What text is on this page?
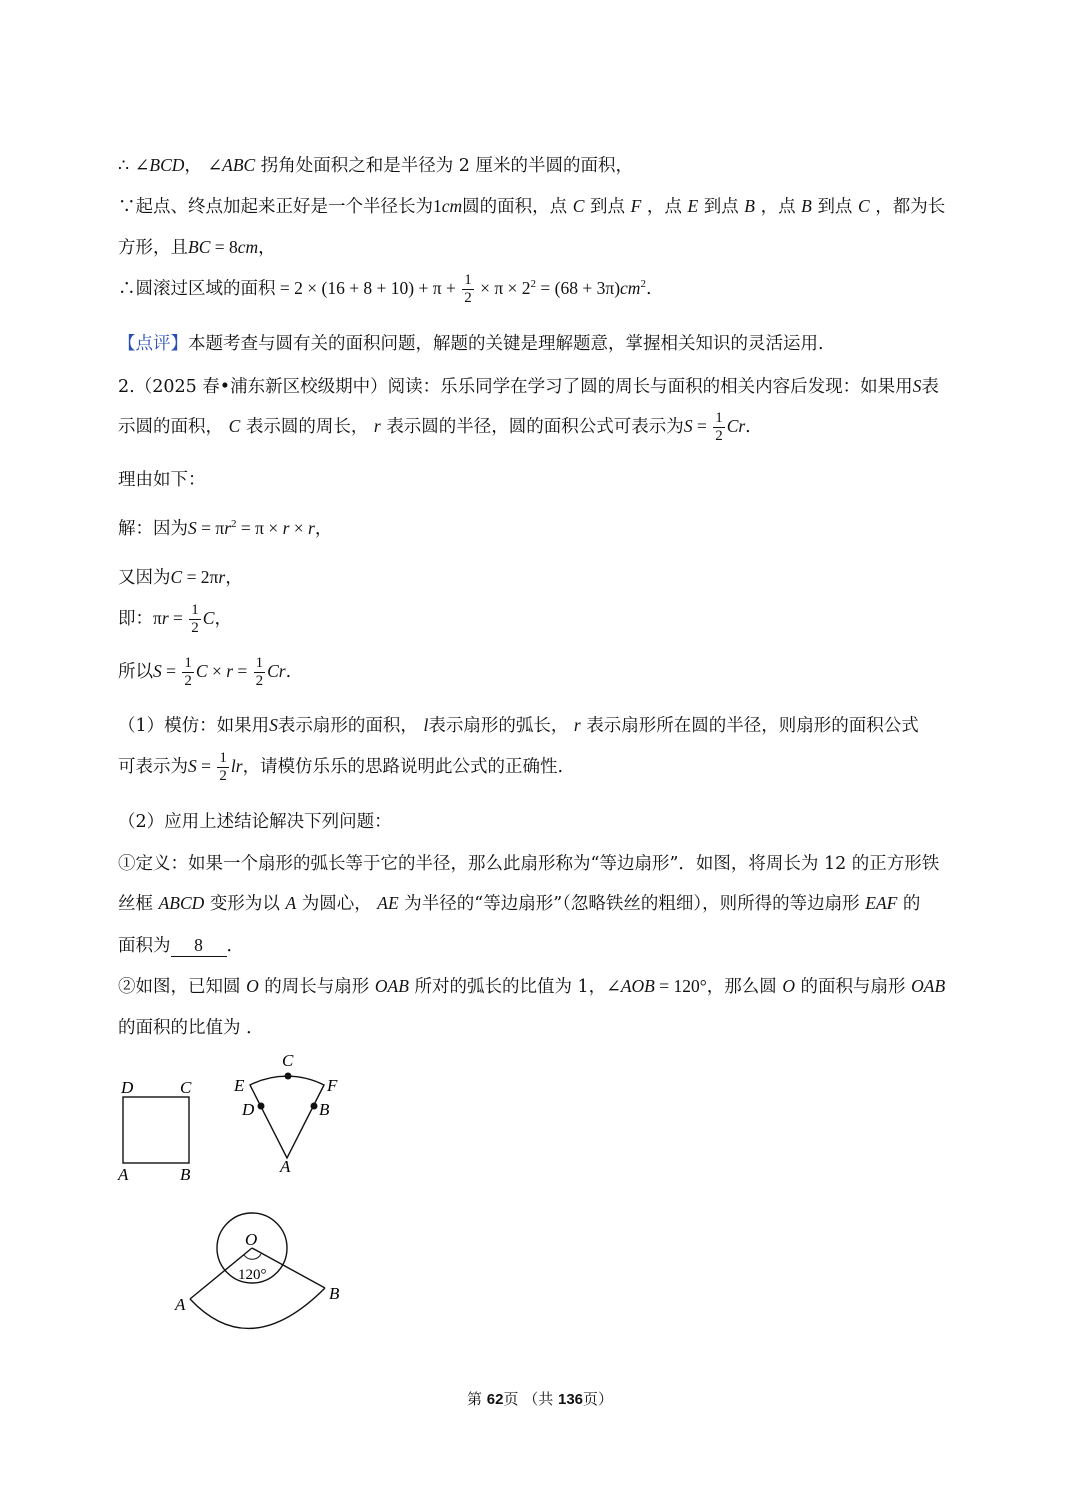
∴ ∠BCD， ∠ABC 拐角处面积之和是半径为 2 厘米的半圆的面积，
∵起点、终点加起来正好是一个半径长为1cm圆的面积，点 C 到点 F ，点 E 到点 B ，点 B 到点 C ，都为长
方形，且BC = 8cm，
∴圆滚过区域的面积 = $2 \times (16 + 8 + 10) + \pi + \frac{1}{2} \times \pi \times 2^2 = (68 + 3\pi)cm^2$.
【点评】本题考查与圆有关的面积问题，解题的关键是理解题意，掌握相关知识的灵活运用.
2.（2025 春•浦东新区校级期中）阅读：乐乐同学在学习了圆的周长与面积的相关内容后发现：如果用S表
示圆的面积， C 表示圆的周长， r 表示圆的半径，圆的面积公式可表示为$S = \frac{1}{2} Cr$.
理由如下：
解：因为$S = \pi r^2 = \pi \times r \times r$，
又因为C = 2πr，
即：$\pi r = \frac{1}{2}$ C，
所以$S = \frac{1}{2}$ $C \times r = \frac{1}{2} Cr$.
（1）模仿：如果用S表示扇形的面积， l表示扇形的弧长， r 表示扇形所在圆的半径，则扇形的面积公式
可表示为$S = \frac{1}{2}$ lr，请模仿乐乐的思路说明此公式的正确性.
（2）应用上述结论解决下列问题：
①定义：如果一个扇形的弧长等于它的半径，那么此扇形称为“等边扇形”．如图，将周长为 12 的正方形铁
丝框 ABCD 变形为以 A 为圆心， AE 为半径的“等边扇形”（忽略铁丝的粗细），则所得的等边扇形 EAF 的
面积为 8 ．
②如图，已知圆 O 的周长与扇形 OAB 所对的弧长的比值为 1，∠AOB = 120°，那么圆 O 的面积与扇形 OAB
的面积的比值为 ．
D	C
A	B
C
E	F
D	B
A
O
120°
A
B
第 62页 （共 136页）
